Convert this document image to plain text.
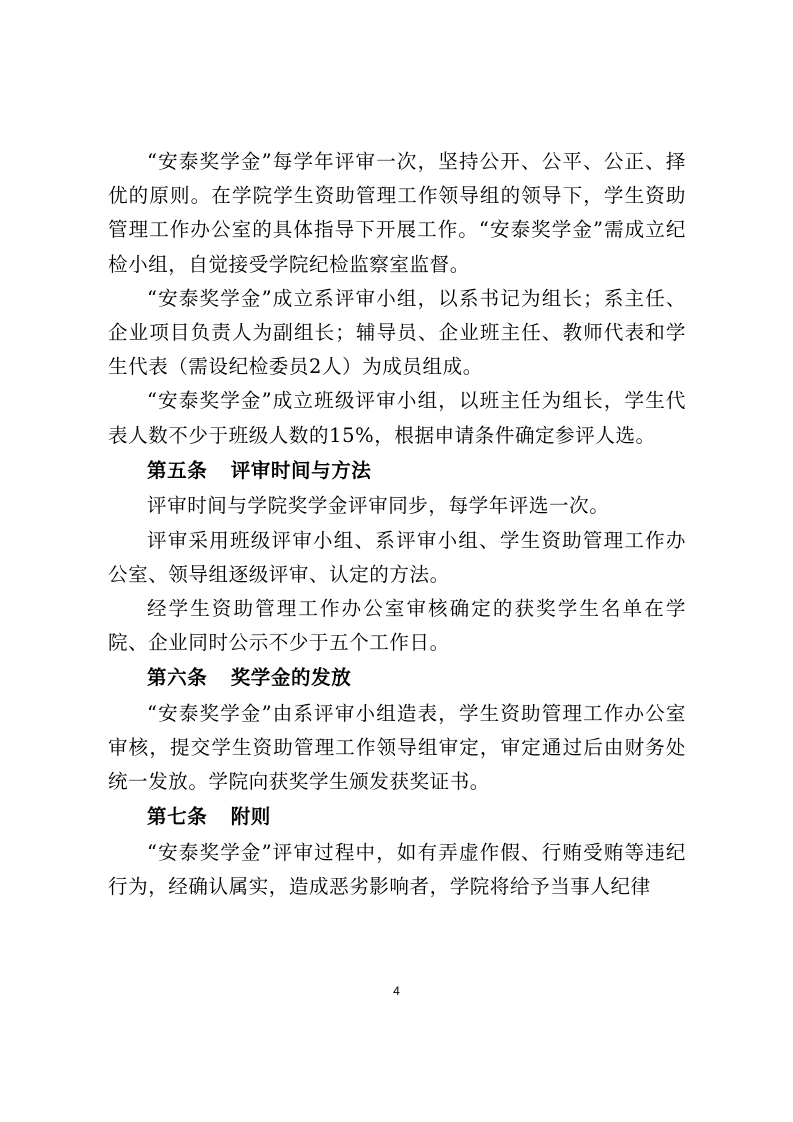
“安泰奖学金”每学年评审一次，坚持公开、公平、公正、择优的原则。在学院学生资助管理工作领导组的领导下，学生资助管理工作办公室的具体指导下开展工作。“安泰奖学金”需成立纪检小组，自觉接受学院纪检监察室监督。

“安泰奖学金”成立系评审小组，以系书记为组长；系主任、企业项目负责人为副组长；辅导员、企业班主任、教师代表和学生代表（需设纪检委员2人）为成员组成。

“安泰奖学金”成立班级评审小组，以班主任为组长，学生代表人数不少于班级人数的15%，根据申请条件确定参评人选。

第五条 评审时间与方法

评审时间与学院奖学金评审同步，每学年评选一次。

评审采用班级评审小组、系评审小组、学生资助管理工作办公室、领导组逐级评审、认定的方法。

经学生资助管理工作办公室审核确定的获奖学生名单在学院、企业同时公示不少于五个工作日。

第六条 奖学金的发放

“安泰奖学金”由系评审小组造表，学生资助管理工作办公室审核，提交学生资助管理工作领导组审定，审定通过后由财务处统一发放。学院向获奖学生颁发获奖证书。

第七条 附则

“安泰奖学金”评审过程中，如有弄虚作假、行贿受贿等违纪行为，经确认属实，造成恶劣影响者，学院将给予当事人纪律

4
